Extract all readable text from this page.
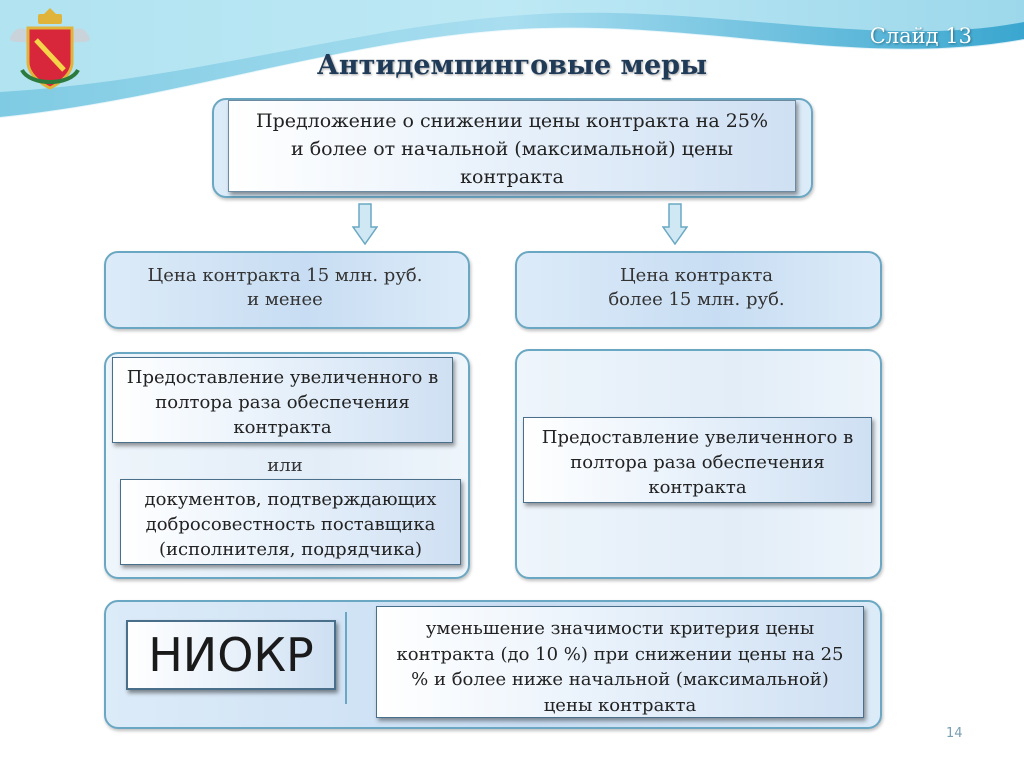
Слайд 13
Антидемпинговые меры
Предложение о снижении цены контракта на 25% и более от начальной (максимальной) цены контракта
Цена контракта 15 млн. руб.
и менее
Цена контракта
более 15 млн. руб.
Предоставление увеличенного в полтора раза обеспечения контракта
или
документов, подтверждающих добросовестность поставщика (исполнителя, подрядчика)
Предоставление увеличенного в полтора раза обеспечения контракта
НИОКР	уменьшение значимости критерия цены контракта (до 10 %) при снижении цены на 25 % и более ниже начальной (максимальной) цены контракта
14
